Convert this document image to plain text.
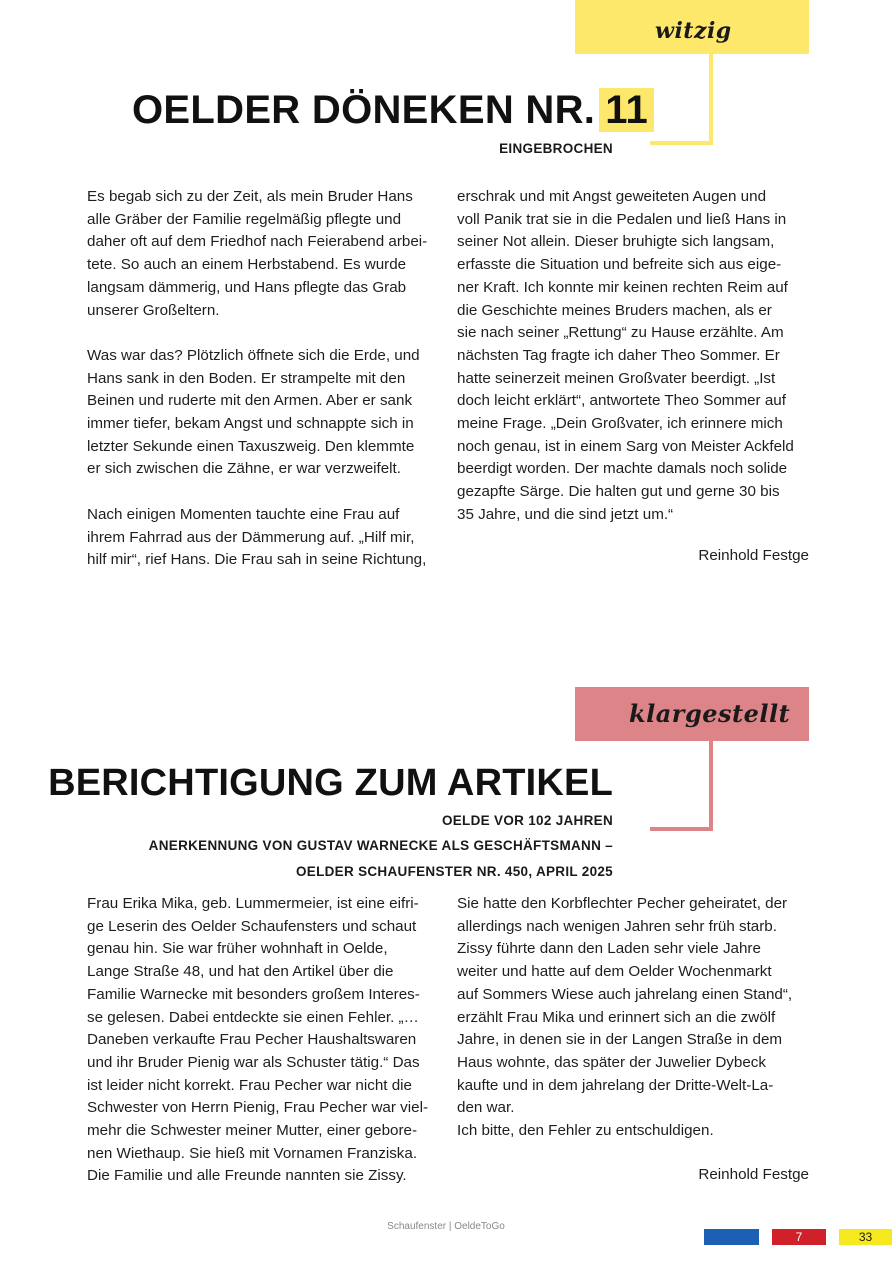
witzig
OELDER DÖNEKEN NR. 11
EINGEBROCHEN

Es begab sich zu der Zeit, als mein Bruder Hans

alle Gräber der Familie regelmäßig pflegte und

daher oft auf dem Friedhof nach Feierabend arbei-

tete. So auch an einem Herbstabend. Es wurde

langsam dämmerig, und Hans pflegte das Grab

unserer Großeltern.

Was war das? Plötzlich öffnete sich die Erde, und

Hans sank in den Boden. Er strampelte mit den

Beinen und ruderte mit den Armen. Aber er sank

immer tiefer, bekam Angst und schnappte sich in

letzter Sekunde einen Taxuszweig. Den klemmte

er sich zwischen die Zähne, er war verzweifelt.

Nach einigen Momenten tauchte eine Frau auf

ihrem Fahrrad aus der Dämmerung auf. „Hilf mir,

hilf mir“, rief Hans. Die Frau sah in seine Richtung,

erschrak und mit Angst geweiteten Augen und

voll Panik trat sie in die Pedalen und ließ Hans in

seiner Not allein. Dieser bruhigte sich langsam,

erfasste die Situation und befreite sich aus eige-

ner Kraft. Ich konnte mir keinen rechten Reim auf

die Geschichte meines Bruders machen, als er

sie nach seiner „Rettung“ zu Hause erzählte. Am

nächsten Tag fragte ich daher Theo Sommer. Er

hatte seinerzeit meinen Großvater beerdigt. „Ist

doch leicht erklärt“, antwortete Theo Sommer auf

meine Frage. „Dein Großvater, ich erinnere mich

noch genau, ist in einem Sarg von Meister Ackfeld

beerdigt worden. Der machte damals noch solide

gezapfte Särge. Die halten gut und gerne 30 bis

35 Jahre, und die sind jetzt um.“

Reinhold Festge
klargestellt
BERICHTIGUNG ZUM ARTIKEL
OELDE VOR 102 JAHREN
ANERKENNUNG VON GUSTAV WARNECKE ALS GESCHÄFTSMANN –
OELDER SCHAUFENSTER NR. 450, APRIL 2025

Frau Erika Mika, geb. Lummermeier, ist eine eifri-

ge Leserin des Oelder Schaufensters und schaut

genau hin. Sie war früher wohnhaft in Oelde,

Lange Straße 48, und hat den Artikel über die

Familie Warnecke mit besonders großem Interes-

se gelesen. Dabei entdeckte sie einen Fehler. „…

Daneben verkaufte Frau Pecher Haushaltswaren

und ihr Bruder Pienig war als Schuster tätig.“ Das

ist leider nicht korrekt. Frau Pecher war nicht die

Schwester von Herrn Pienig, Frau Pecher war viel-

mehr die Schwester meiner Mutter, einer gebore-

nen Wiethaup. Sie hieß mit Vornamen Franziska.

Die Familie und alle Freunde nannten sie Zissy.

Sie hatte den Korbflechter Pecher geheiratet, der

allerdings nach wenigen Jahren sehr früh starb.

Zissy führte dann den Laden sehr viele Jahre

weiter und hatte auf dem Oelder Wochenmarkt

auf Sommers Wiese auch jahrelang einen Stand“,

erzählt Frau Mika und erinnert sich an die zwölf

Jahre, in denen sie in der Langen Straße in dem

Haus wohnte, das später der Juwelier Dybeck

kaufte und in dem jahrelang der Dritte-Welt-La-

den war.

Ich bitte, den Fehler zu entschuldigen.

Reinhold Festge
Schaufenster | OeldeToGo
7	33
